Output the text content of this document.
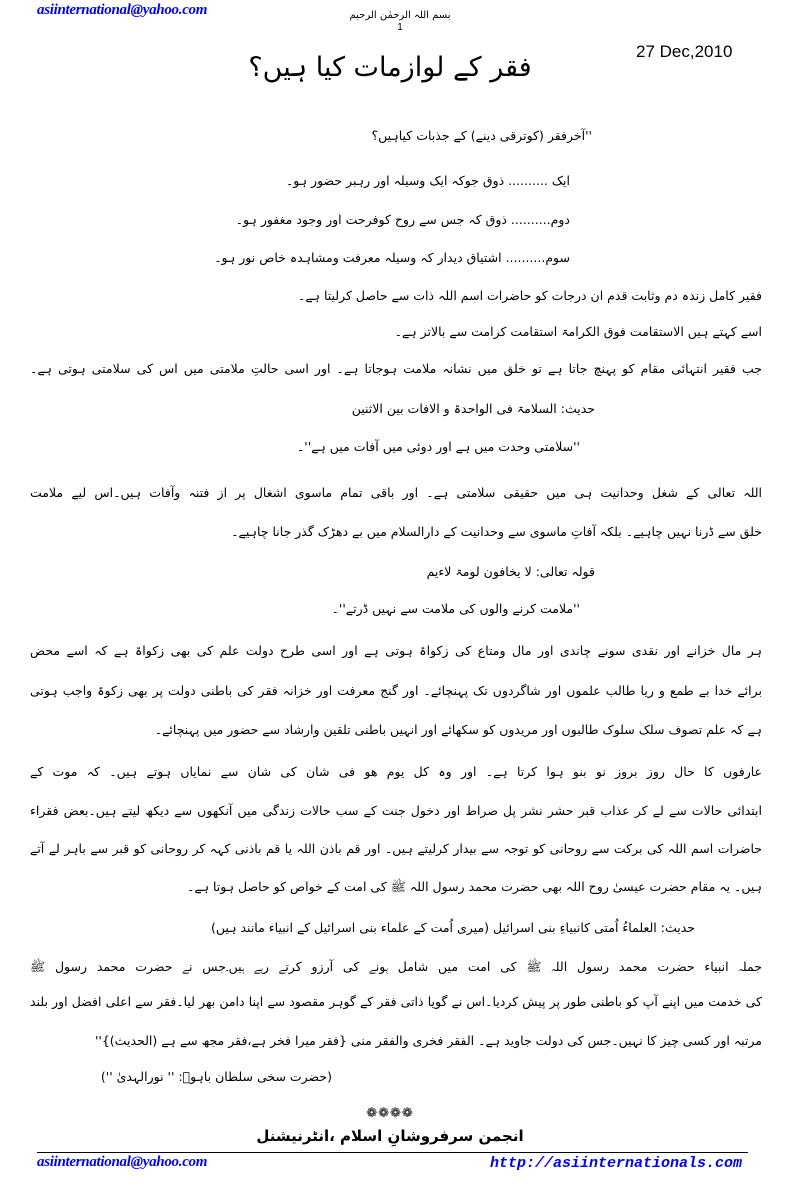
asiinternational@yahoo.com	بسم اللہ الرحمٰن الرحیم
1
27 Dec,2010
فقر کے لوازمات کیا ہیں؟
''آخرفقر (کوترقی دینے) کے جذبات کیاہیں؟
ایک .......... ذوق جوکہ ایک وسیلہ اور رہبر حضور ہو۔
دوم.......... ذوق کہ جس سے روح کوفرحت اور وجود مغفور ہو۔
سوم.......... اشتیاق دیدار کہ وسیلہ معرفت ومشاہدہ خاص نور ہو۔
فقیر کامل زندہ دم وثابت قدم ان درجات کو حاضرات اسم اللہ ذات سے حاصل کرلیتا ہے۔
اسے کہتے ہیں الاستقامت فوق الکرامۃ استقامت کرامت سے بالاتر ہے۔
جب فقیر انتہائی مقام کو پہنچ جاتا ہے تو خلق میں نشانہ ملامت ہوجاتا ہے۔ اور اسی حالتِ ملامتی میں اس کی سلامتی ہوتی ہے۔
حدیث: السلامۃ فی الواحدۃ و الافات بین الاثنین
''سلامتی وحدت میں ہے اور دوئی میں آفات میں ہے''۔
اللہ تعالی کے شغل وحدانیت ہی میں حقیقی سلامتی ہے۔ اور باقی تمام ماسوی اشغال پر از فتنہ وآفات ہیں۔اس لیے ملامت
خلق سے ڈرنا نہیں چاہیے۔ بلکہ آفاتِ ماسوی سے وحدانیت کے دارالسلام میں بے دھڑک گذر جانا چاہیے۔
قولہ تعالی: لا یخافون لومۃ لاءیم
''ملامت کرنے والوں کی ملامت سے نہیں ڈرتے''۔
ہر مال خزانے اور نقدی سونے چاندی اور مال ومتاع کی زکواۃ ہوتی ہے اور اسی طرح دولت علم کی بھی زکواۃ ہے کہ اسے محض
برائے خدا بے طمع و ریا طالب علموں اور شاگردوں تک پہنچائے۔ اور گنج معرفت اور خزانہ فقر کی باطنی دولت پر بھی زکوۃ واجب ہوتی
ہے کہ علم تصوف سلک سلوک طالبوں اور مریدوں کو سکھائے اور انہیں باطنی تلقین وارشاد سے حضور میں پہنچائے۔
عارفوں کا حال روز بروز نو بنو ہوا کرتا ہے۔ اور وہ کل یوم ھو فی شان کی شان سے نمایاں ہوتے ہیں۔ کہ موت کے
ابتدائی حالات سے لے کر عذاب قبر حشر نشر پل صراط اور دخول جنت کے سب حالات زندگی میں آنکھوں سے دیکھ لیتے ہیں۔بعض فقراء
حاضرات اسم اللہ کی برکت سے روحانی کو توجہ سے بیدار کرلیتے ہیں۔ اور قم باذن اللہ یا قم باذنی کہہ کر روحانی کو قبر سے باہر لے آتے
ہیں۔ یہ مقام حضرت عیسیٰ روح اللہ بھی حضرت محمد رسول اللہ ﷺ کی امت کے خواص کو حاصل ہوتا ہے۔
حدیث: العلماءُ اُمتی کانبیاءِ بنی اسرائیل (میری اُمت کے علماء بنی اسرائیل کے انبیاء مانند ہیں)
جملہ انبیاء حضرت محمد رسول اللہ ﷺ کی امت میں شامل ہونے کی آرزو کرتے رہے ہیں۔جس نے حضرت محمد رسول ﷺ
کی خدمت میں اپنے آپ کو باطنی طور پر پیش کردیا۔اس نے گویا ذاتی فقر کے گوہر مقصود سے اپنا دامن بھر لیا۔فقر سے اعلی افضل اور بلند
مرتبہ اور کسی چیز کا نہیں۔جس کی دولت جاوید ہے۔ الفقر فخری والفقر منی {فقر میرا فخر ہے،فقر مجھ سے ہے (الحدیث)}''
(حضرت سخی سلطان باہوؒ: '' نورالہدیٰ '')
❁❁❁❁
انجمن سرفروشانِ اسلام ،انٹرنیشنل
asiinternational@yahoo.com	http://asiinternationals.com
